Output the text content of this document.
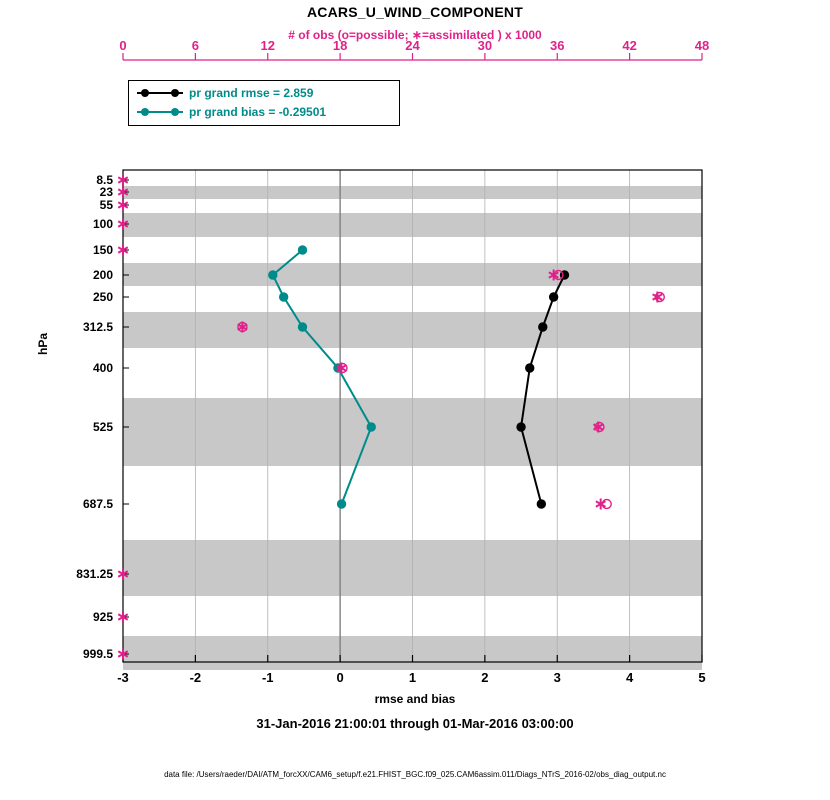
ACARS_U_WIND_COMPONENT
# of obs (o=possible; ∗=assimilated ) x 1000
-3	-2	-1	0	1	2	3	4	5
0	6	12	18	24	30	36	42	48
8.5
23
55
100
150
200
250
312.5
400
525
687.5
831.25
925
999.5
hPa
pr grand rmse = 2.859
pr grand bias = -0.29501
rmse and bias
31-Jan-2016 21:00:01 through 01-Mar-2016 03:00:00
data file: /Users/raeder/DAI/ATM_forcXX/CAM6_setup/f.e21.FHIST_BGC.f09_025.CAM6assim.011/Diags_NTrS_2016-02/obs_diag_output.nc
